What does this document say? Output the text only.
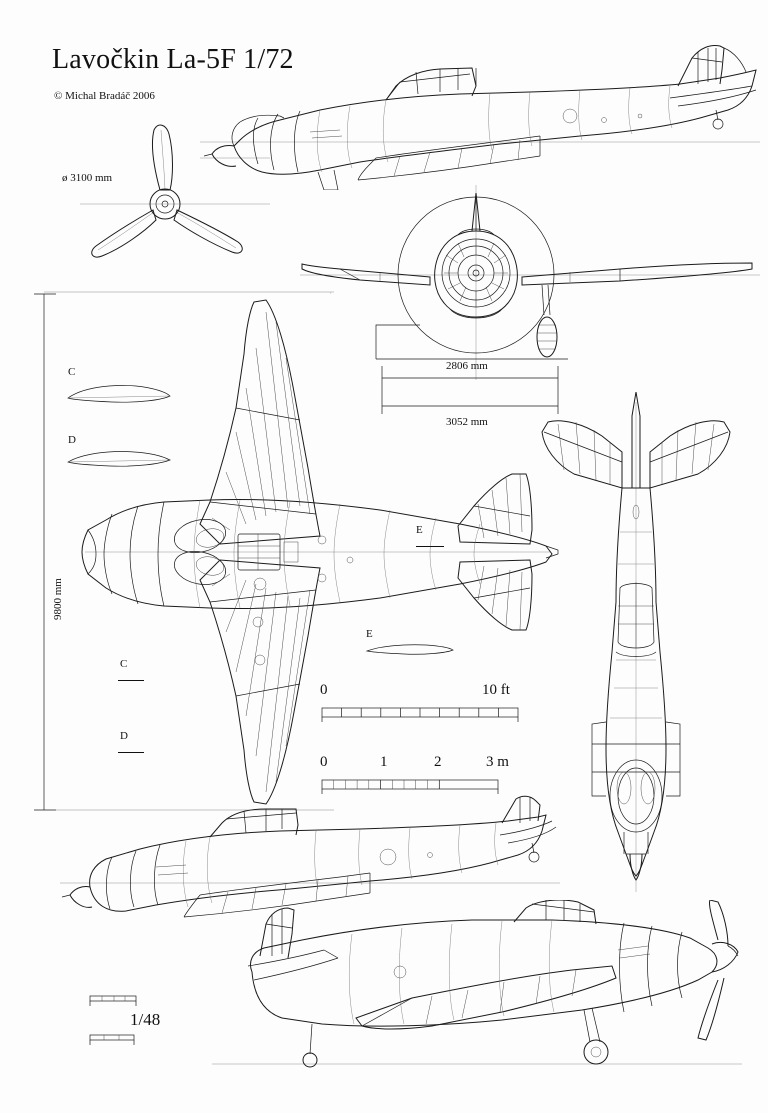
Lavočkin La-5F 1/72
© Michal Bradáč 2006
ø 3100 mm
2806 mm
3052 mm
9800 mm
C
D
E
E
C
D
0	10 ft
0	1	2	3 m
1/48
